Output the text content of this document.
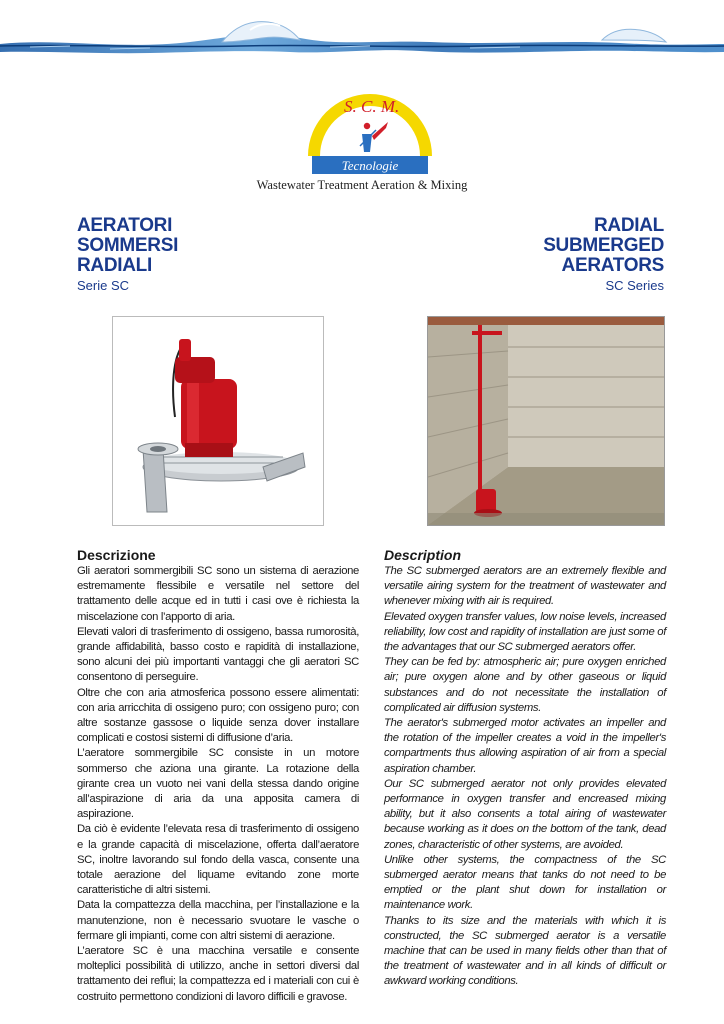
S. C. M.
Tecnologie
Wastewater Treatment Aeration & Mixing
AERATORI
SOMMERSI
RADIALI
RADIAL
SUBMERGED
AERATORS
Serie SC	SC Series
Descrizione

Gli aeratori sommergibili SC sono un sistema di aerazione estremamente flessibile e versatile nel settore del trattamento delle acque ed in tutti i casi ove è richiesta la miscelazione con l’apporto di aria.

Elevati valori di trasferimento di ossigeno, bassa rumorosità, grande affidabilità, basso costo e rapidità di installazione, sono alcuni dei più importanti vantaggi che gli aeratori SC consentono di perseguire.

Oltre che con aria atmosferica possono essere alimentati: con aria arricchita di ossigeno puro; con ossigeno puro; con altre sostanze gassose o liquide senza dover installare complicati e costosi sistemi di diffusione d’aria.

L’aeratore sommergibile SC consiste in un motore sommerso che aziona una girante. La rotazione della girante crea un vuoto nei vani della stessa dando origine all’aspirazione di aria da una apposita camera di aspirazione.

Da ciò è evidente l’elevata resa di trasferimento di ossigeno e la grande capacità di miscelazione, offerta dall’aeratore SC, inoltre lavorando sul fondo della vasca, consente una totale aerazione del liquame evitando zone morte caratteristiche di altri sistemi.

Data la compattezza della macchina, per l’installazione e la manutenzione, non è necessario svuotare le vasche o fermare gli impianti, come con altri sistemi di aerazione.

L’aeratore SC è una macchina versatile e consente molteplici possibilità di utilizzo, anche in settori diversi dal trattamento dei reflui; la compattezza ed i materiali con cui è costruito permettono condizioni di lavoro difficili e gravose.

Description

The SC submerged aerators are an extremely flexible and versatile airing system for the treatment of wastewater and whenever mixing with air is required.

Elevated oxygen transfer values, low noise levels, increased reliability, low cost and rapidity of installation are just some of the advantages that our SC submerged aerators offer.

They can be fed by: atmospheric air; pure oxygen enriched air; pure oxygen alone and by other gaseous or liquid substances and do not necessitate the installation of complicated air diffusion systems.

The aerator's submerged motor activates an impeller and the rotation of the impeller creates a void in the impeller's compartments thus allowing aspiration of air from a special aspiration chamber.

Our SC submerged aerator not only provides elevated performance in oxygen transfer and encreased mixing ability, but it also consents a total airing of wastewater because working as it does on the bottom of the tank, dead zones, characteristic of other systems, are avoided.

Unlike other systems, the compactness of the SC submerged aerator means that tanks do not need to be emptied or the plant shut down for installation or maintenance work.

Thanks to its size and the materials with which it is constructed, the SC submerged aerator is a versatile machine that can be used in many fields other than that of the treatment of wastewater and in all kinds of difficult or awkward working conditions.
